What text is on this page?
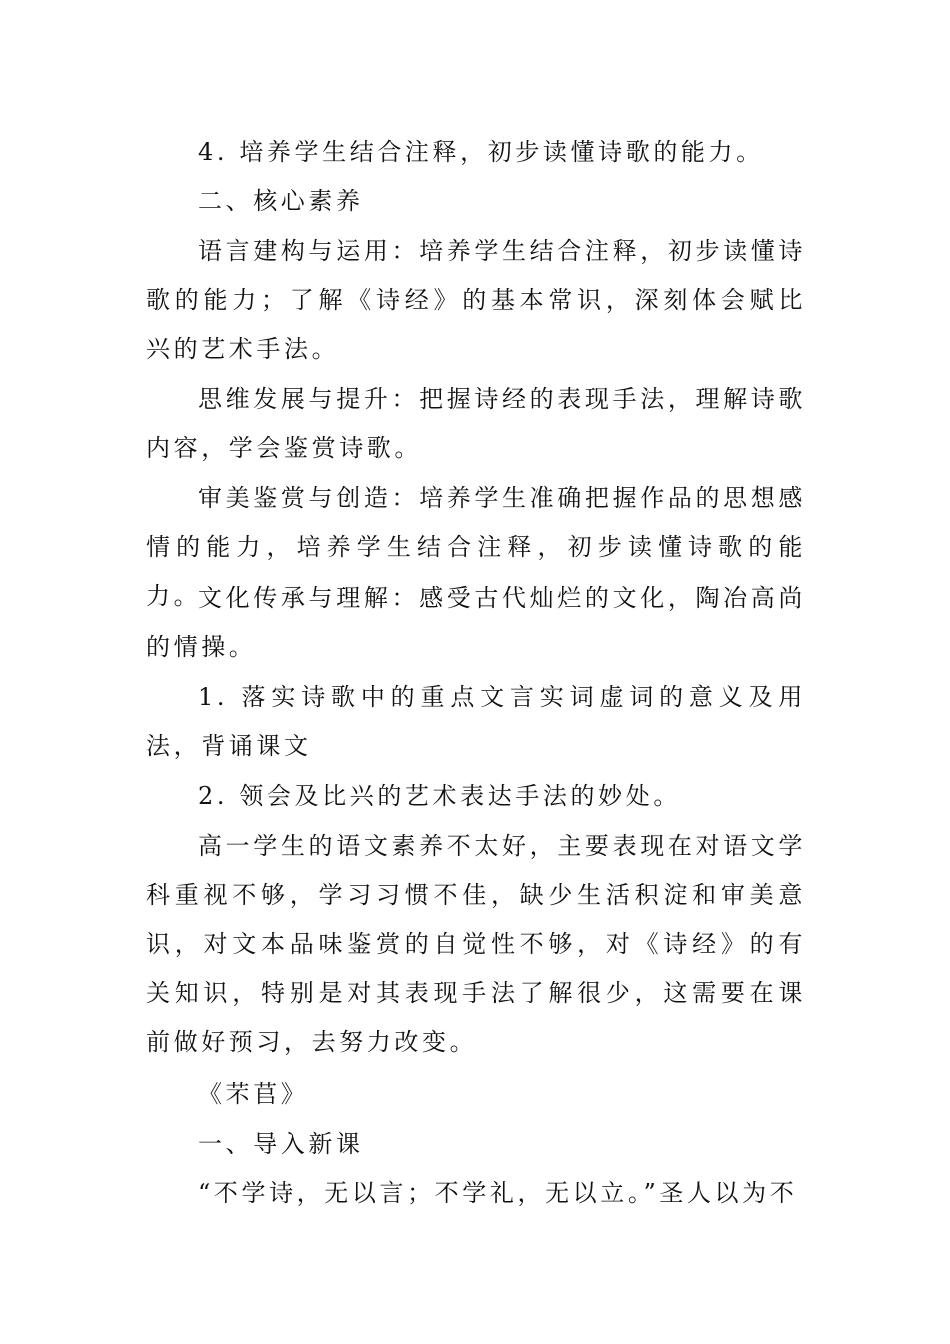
4. 培养学生结合注释，初步读懂诗歌的能力。

二、核心素养

语言建构与运用：培养学生结合注释，初步读懂诗歌的能力；了解《诗经》的基本常识，深刻体会赋比兴的艺术手法。

思维发展与提升：把握诗经的表现手法，理解诗歌内容，学会鉴赏诗歌。

审美鉴赏与创造：培养学生准确把握作品的思想感情的能力，培养学生结合注释，初步读懂诗歌的能力。

文化传承与理解：感受古代灿烂的文化，陶冶高尚的情操。

1. 落实诗歌中的重点文言实词虚词的意义及用法，背诵课文

2. 领会及比兴的艺术表达手法的妙处。

高一学生的语文素养不太好，主要表现在对语文学科重视不够，学习习惯不佳，缺少生活积淀和审美意识，对文本品味鉴赏的自觉性不够，对《诗经》的有关知识，特别是对其表现手法了解很少，这需要在课前做好预习，去努力改变。

《芣苢》

一、导入新课

“不学诗，无以言；不学礼，无以立。”圣人以为不
